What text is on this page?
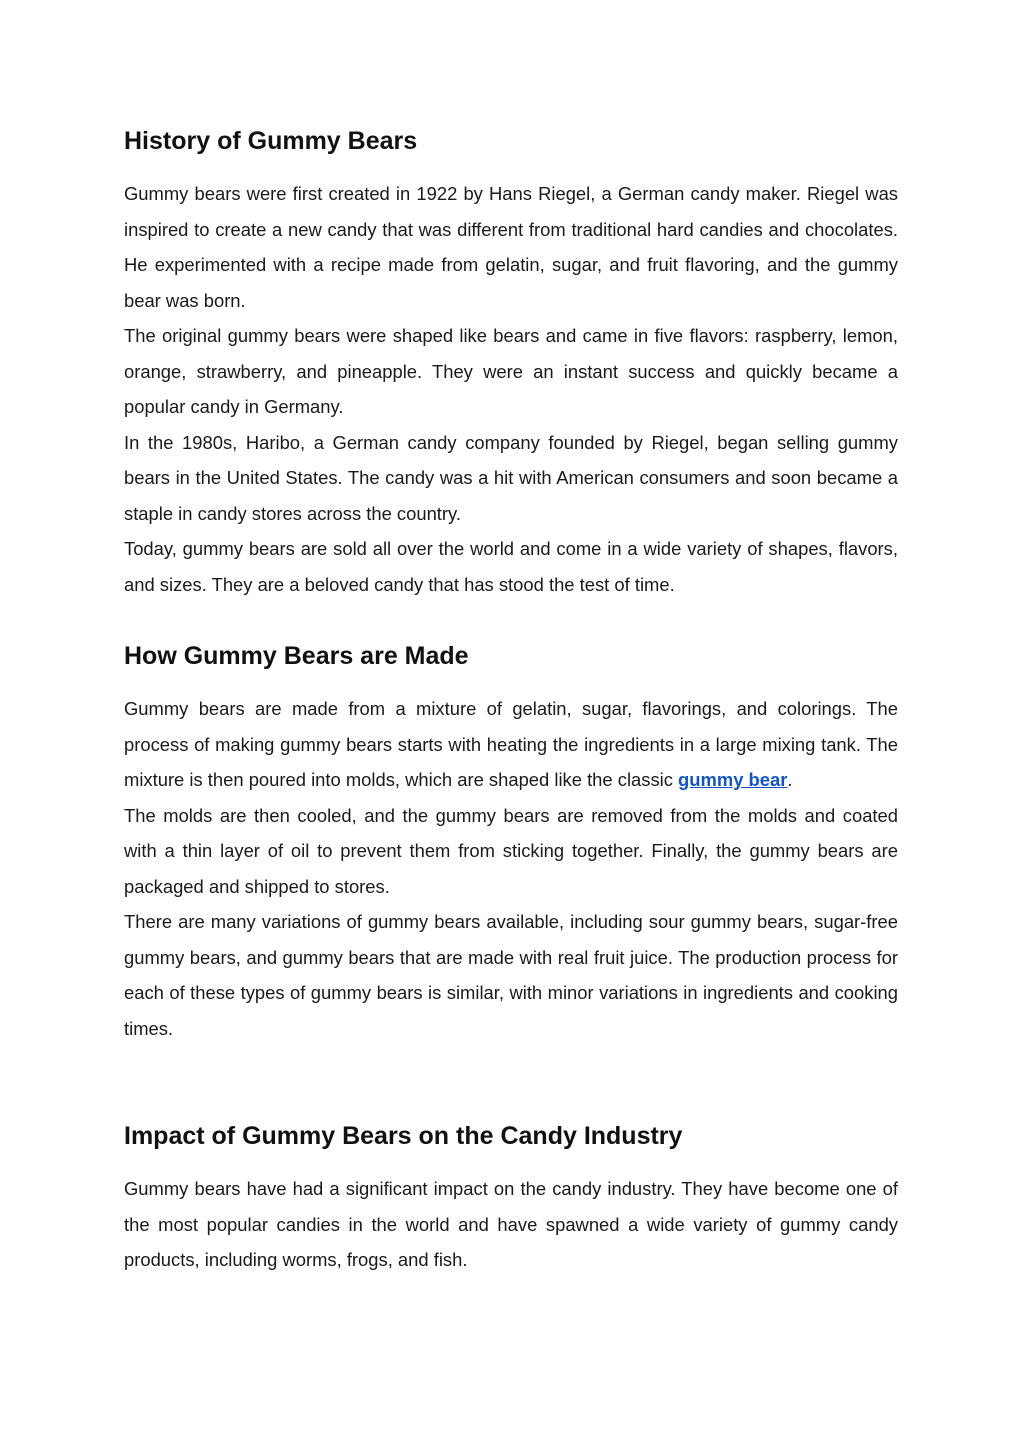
History of Gummy Bears

Gummy bears were first created in 1922 by Hans Riegel, a German candy maker. Riegel was inspired to create a new candy that was different from traditional hard candies and chocolates. He experimented with a recipe made from gelatin, sugar, and fruit flavoring, and the gummy bear was born.

The original gummy bears were shaped like bears and came in five flavors: raspberry, lemon, orange, strawberry, and pineapple. They were an instant success and quickly became a popular candy in Germany.

In the 1980s, Haribo, a German candy company founded by Riegel, began selling gummy bears in the United States. The candy was a hit with American consumers and soon became a staple in candy stores across the country.

Today, gummy bears are sold all over the world and come in a wide variety of shapes, flavors, and sizes. They are a beloved candy that has stood the test of time.

How Gummy Bears are Made

Gummy bears are made from a mixture of gelatin, sugar, flavorings, and colorings. The process of making gummy bears starts with heating the ingredients in a large mixing tank. The mixture is then poured into molds, which are shaped like the classic gummy bear.

The molds are then cooled, and the gummy bears are removed from the molds and coated with a thin layer of oil to prevent them from sticking together. Finally, the gummy bears are packaged and shipped to stores.

There are many variations of gummy bears available, including sour gummy bears, sugar-free gummy bears, and gummy bears that are made with real fruit juice. The production process for each of these types of gummy bears is similar, with minor variations in ingredients and cooking times.

Impact of Gummy Bears on the Candy Industry

Gummy bears have had a significant impact on the candy industry. They have become one of the most popular candies in the world and have spawned a wide variety of gummy candy products, including worms, frogs, and fish.
